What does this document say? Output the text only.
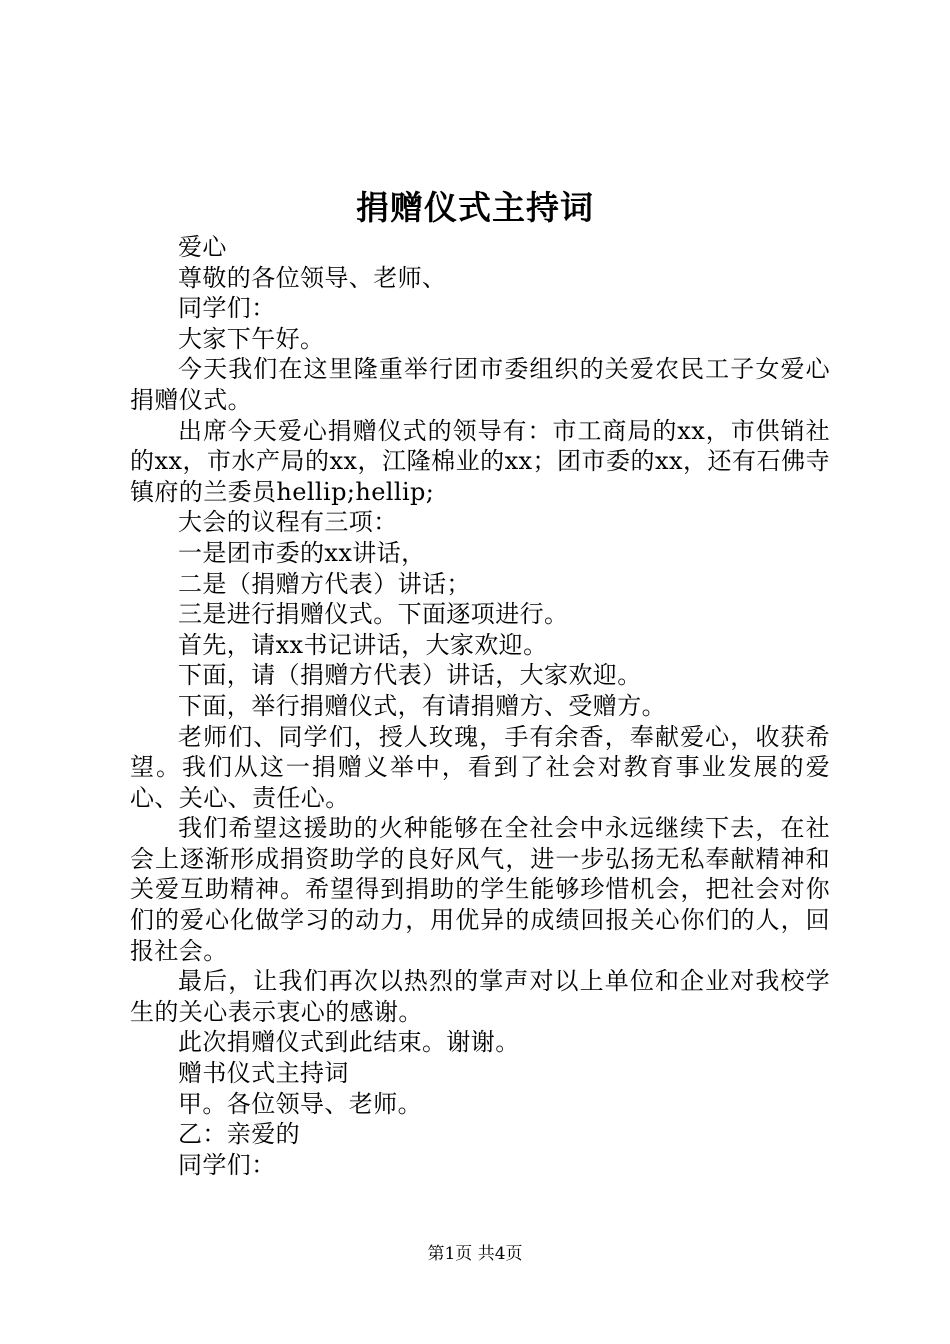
捐赠仪式主持词

爱心

尊敬的各位领导、老师、

同学们：

大家下午好。

今天我们在这里隆重举行团市委组织的关爱农民工子女爱心捐赠仪式。

出席今天爱心捐赠仪式的领导有：市工商局的xx，市供销社的xx，市水产局的xx，江隆棉业的xx；团市委的xx，还有石佛寺镇府的兰委员hellip;hellip;

大会的议程有三项：

一是团市委的xx讲话，

二是（捐赠方代表）讲话；

三是进行捐赠仪式。下面逐项进行。

首先，请xx书记讲话，大家欢迎。

下面，请（捐赠方代表）讲话，大家欢迎。

下面，举行捐赠仪式，有请捐赠方、受赠方。

老师们、同学们，授人玫瑰，手有余香，奉献爱心，收获希望。我们从这一捐赠义举中，看到了社会对教育事业发展的爱心、关心、责任心。

我们希望这援助的火种能够在全社会中永远继续下去，在社会上逐渐形成捐资助学的良好风气，进一步弘扬无私奉献精神和关爱互助精神。希望得到捐助的学生能够珍惜机会，把社会对你们的爱心化做学习的动力，用优异的成绩回报关心你们的人，回报社会。

最后，让我们再次以热烈的掌声对以上单位和企业对我校学生的关心表示衷心的感谢。

此次捐赠仪式到此结束。谢谢。

赠书仪式主持词

甲。各位领导、老师。

乙：亲爱的

同学们：

第1页 共4页
